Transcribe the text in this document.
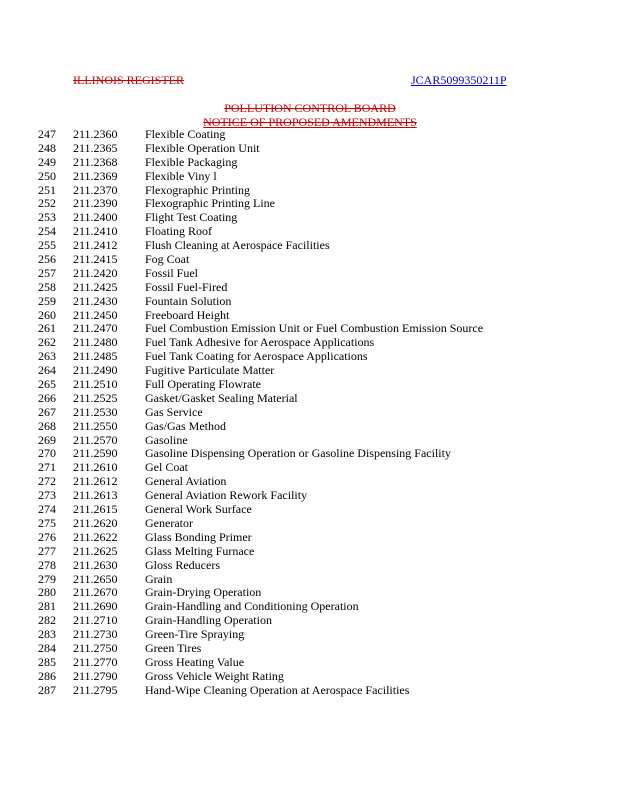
ILLINOIS REGISTER	JCAR5099350211P
POLLUTION CONTROL BOARD
NOTICE OF PROPOSED AMENDMENTS
247 211.2360 Flexible Coating
248 211.2365 Flexible Operation Unit
249 211.2368 Flexible Packaging
250 211.2369 Flexible Viny l
251 211.2370 Flexographic Printing
252 211.2390 Flexographic Printing Line
253 211.2400 Flight Test Coating
254 211.2410 Floating Roof
255 211.2412 Flush Cleaning at Aerospace Facilities
256 211.2415 Fog Coat
257 211.2420 Fossil Fuel
258 211.2425 Fossil Fuel-Fired
259 211.2430 Fountain Solution
260 211.2450 Freeboard Height
261 211.2470 Fuel Combustion Emission Unit or Fuel Combustion Emission Source
262 211.2480 Fuel Tank Adhesive for Aerospace Applications
263 211.2485 Fuel Tank Coating for Aerospace Applications
264 211.2490 Fugitive Particulate Matter
265 211.2510 Full Operating Flowrate
266 211.2525 Gasket/Gasket Sealing Material
267 211.2530 Gas Service
268 211.2550 Gas/Gas Method
269 211.2570 Gasoline
270 211.2590 Gasoline Dispensing Operation or Gasoline Dispensing Facility
271 211.2610 Gel Coat
272 211.2612 General Aviation
273 211.2613 General Aviation Rework Facility
274 211.2615 General Work Surface
275 211.2620 Generator
276 211.2622 Glass Bonding Primer
277 211.2625 Glass Melting Furnace
278 211.2630 Gloss Reducers
279 211.2650 Grain
280 211.2670 Grain-Drying Operation
281 211.2690 Grain-Handling and Conditioning Operation
282 211.2710 Grain-Handling Operation
283 211.2730 Green-Tire Spraying
284 211.2750 Green Tires
285 211.2770 Gross Heating Value
286 211.2790 Gross Vehicle Weight Rating
287 211.2795 Hand-Wipe Cleaning Operation at Aerospace Facilities
